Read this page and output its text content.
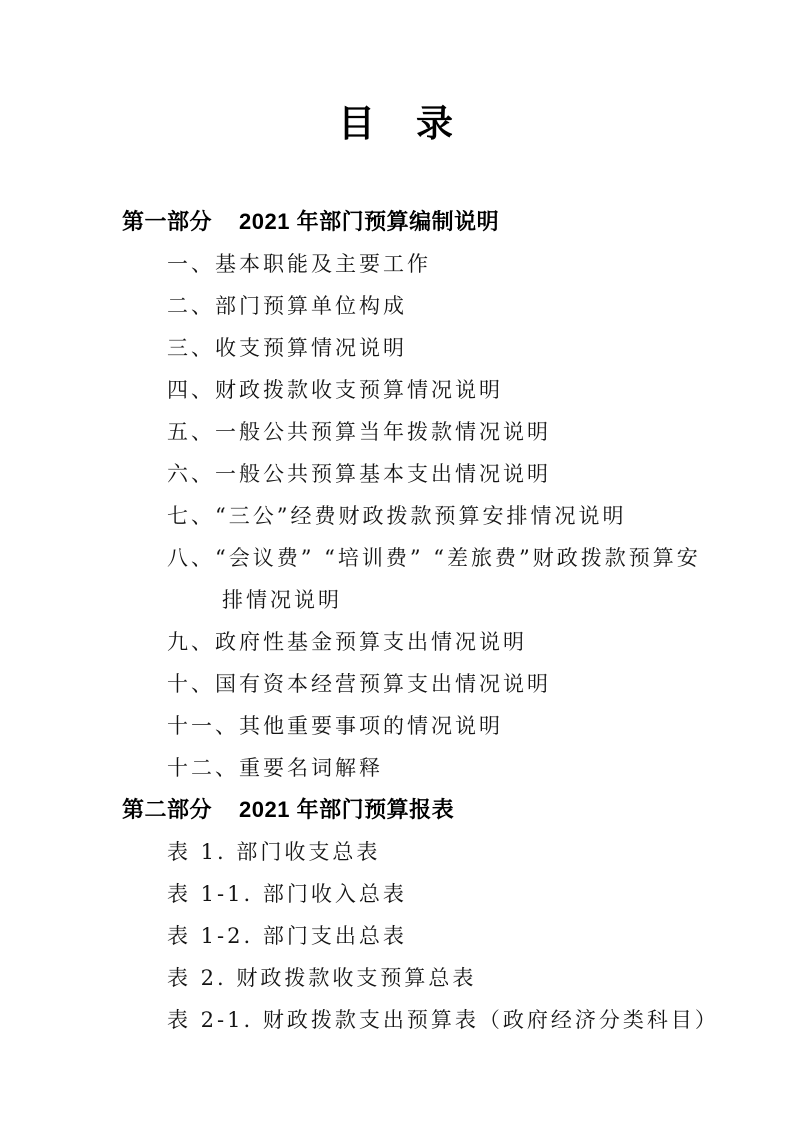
目　录
第一部分 2021 年部门预算编制说明
一、基本职能及主要工作
二、部门预算单位构成
三、收支预算情况说明
四、财政拨款收支预算情况说明
五、一般公共预算当年拨款情况说明
六、一般公共预算基本支出情况说明
七、“三公”经费财政拨款预算安排情况说明
八、“会议费” “培训费” “差旅费”财政拨款预算安
排情况说明
九、政府性基金预算支出情况说明
十、国有资本经营预算支出情况说明
十一、其他重要事项的情况说明
十二、重要名词解释
第二部分 2021 年部门预算报表
表 1. 部门收支总表
表 1-1. 部门收入总表
表 1-2. 部门支出总表
表 2. 财政拨款收支预算总表
表 2-1. 财政拨款支出预算表（政府经济分类科目）
